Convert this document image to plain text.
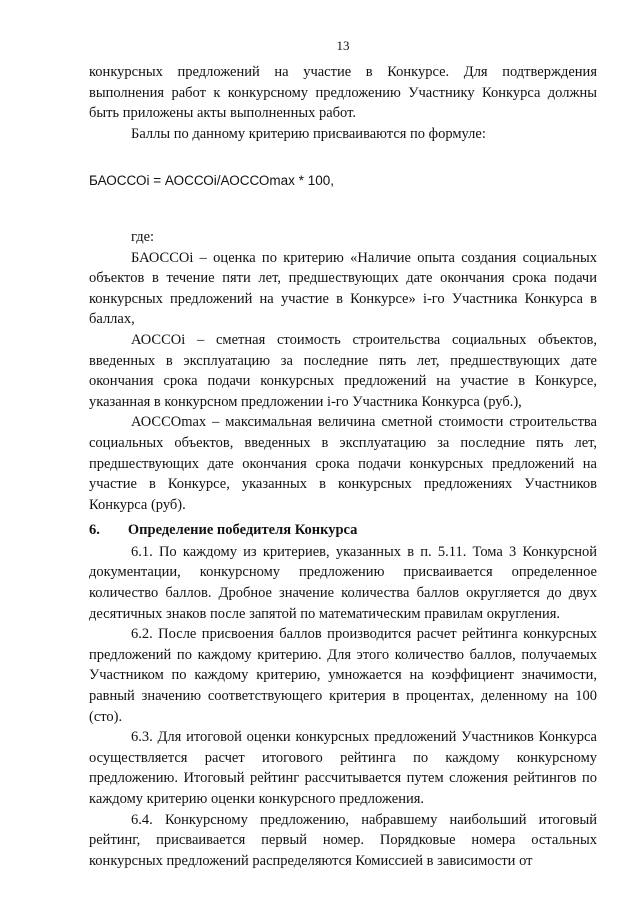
13

конкурсных предложений на участие в Конкурсе. Для подтверждения выполнения работ к конкурсному предложению Участнику Конкурса должны быть приложены акты выполненных работ.

Баллы по данному критерию присваиваются по формуле:

БАОССОi = АОССОi/АОССОmax * 100,

где:

БАОССОi – оценка по критерию «Наличие опыта создания социальных объектов в течение пяти лет, предшествующих дате окончания срока подачи конкурсных предложений на участие в Конкурсе» i-го Участника Конкурса в баллах,

АОССОi – сметная стоимость строительства социальных объектов, введенных в эксплуатацию за последние пять лет, предшествующих дате окончания срока подачи конкурсных предложений на участие в Конкурсе, указанная в конкурсном предложении i-го Участника Конкурса (руб.),

АОССОmax – максимальная величина сметной стоимости строительства социальных объектов, введенных в эксплуатацию за последние пять лет, предшествующих дате окончания срока подачи конкурсных предложений на участие в Конкурсе, указанных в конкурсных предложениях Участников Конкурса (руб).

6. Определение победителя Конкурса

6.1. По каждому из критериев, указанных в п. 5.11. Тома 3 Конкурсной документации, конкурсному предложению присваивается определенное количество баллов. Дробное значение количества баллов округляется до двух десятичных знаков после запятой по математическим правилам округления.

6.2. После присвоения баллов производится расчет рейтинга конкурсных предложений по каждому критерию. Для этого количество баллов, получаемых Участником по каждому критерию, умножается на коэффициент значимости, равный значению соответствующего критерия в процентах, деленному на 100 (сто).

6.3. Для итоговой оценки конкурсных предложений Участников Конкурса осуществляется расчет итогового рейтинга по каждому конкурсному предложению. Итоговый рейтинг рассчитывается путем сложения рейтингов по каждому критерию оценки конкурсного предложения.

6.4. Конкурсному предложению, набравшему наибольший итоговый рейтинг, присваивается первый номер. Порядковые номера остальных конкурсных предложений распределяются Комиссией в зависимости от
